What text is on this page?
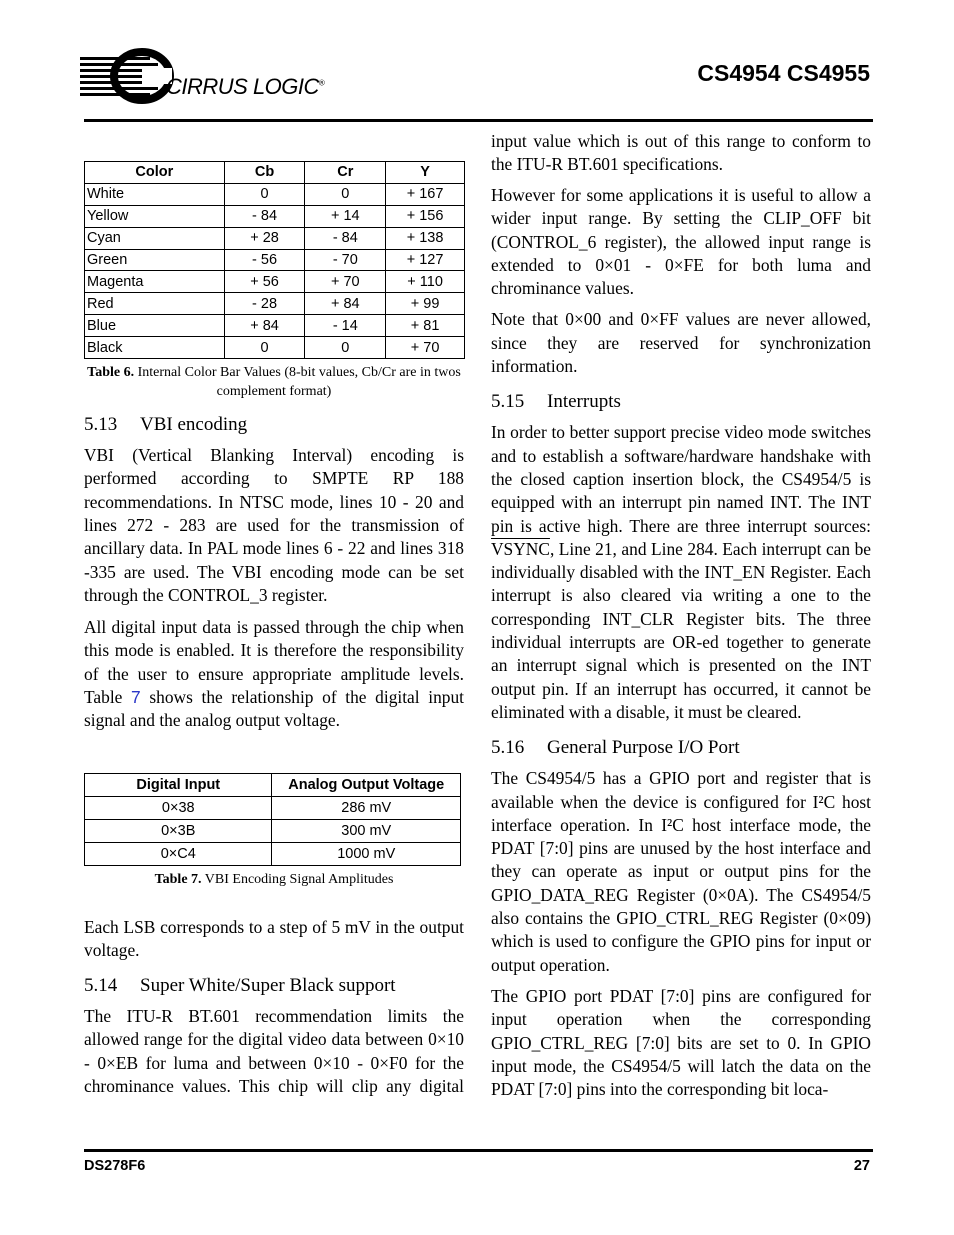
CIRRUS LOGIC®	CS4954 CS4955
Color	Cb	Cr	Y
White	0	0	+ 167
Yellow	- 84	+ 14	+ 156
Cyan	+ 28	- 84	+ 138
Green	- 56	- 70	+ 127
Magenta	+ 56	+ 70	+ 110
Red	- 28	+ 84	+ 99
Blue	+ 84	- 14	+ 81
Black	0	0	+ 70
Table 6. Internal Color Bar Values (8-bit values, Cb/Cr are in twos complement format)
5.13 VBI encoding

VBI (Vertical Blanking Interval) encoding is performed according to SMPTE RP 188 recommendations. In NTSC mode, lines 10 - 20 and lines 272 - 283 are used for the transmission of ancillary data. In PAL mode lines 6 - 22 and lines 318 -335 are used. The VBI encoding mode can be set through the CONTROL_3 register.

All digital input data is passed through the chip when this mode is enabled. It is therefore the responsibility of the user to ensure appropriate amplitude levels. Table 7 shows the relationship of the digital input signal and the analog output voltage.

Digital Input	Analog Output Voltage
0×38	286 mV
0×3B	300 mV
0×C4	1000 mV
Table 7. VBI Encoding Signal Amplitudes

Each LSB corresponds to a step of 5 mV in the output voltage.

5.14 Super White/Super Black support

The ITU-R BT.601 recommendation limits the allowed range for the digital video data between 0×10 - 0×EB for luma and between 0×10 - 0×F0 for the chrominance values. This chip will clip any digital

input value which is out of this range to conform to the ITU-R BT.601 specifications.

However for some applications it is useful to allow a wider input range. By setting the CLIP_OFF bit (CONTROL_6 register), the allowed input range is extended to 0×01 - 0×FE for both luma and chrominance values.

Note that 0×00 and 0×FF values are never allowed, since they are reserved for synchronization information.

5.15 Interrupts

In order to better support precise video mode switches and to establish a software/hardware handshake with the closed caption insertion block, the CS4954/5 is equipped with an interrupt pin named INT. The INT pin is active high. There are three interrupt sources: VSYNC, Line 21, and Line 284. Each interrupt can be individually disabled with the INT_EN Register. Each interrupt is also cleared via writing a one to the corresponding INT_CLR Register bits. The three individual interrupts are OR-ed together to generate an interrupt signal which is presented on the INT output pin. If an interrupt has occurred, it cannot be eliminated with a disable, it must be cleared.

5.16 General Purpose I/O Port

The CS4954/5 has a GPIO port and register that is available when the device is configured for I²C host interface operation. In I²C host interface mode, the PDAT [7:0] pins are unused by the host interface and they can operate as input or output pins for the GPIO_DATA_REG Register (0×0A). The CS4954/5 also contains the GPIO_CTRL_REG Register (0×09) which is used to configure the GPIO pins for input or output operation.

The GPIO port PDAT [7:0] pins are configured for input operation when the corresponding GPIO_CTRL_REG [7:0] bits are set to 0. In GPIO input mode, the CS4954/5 will latch the data on the PDAT [7:0] pins into the corresponding bit loca-

DS278F6	27
